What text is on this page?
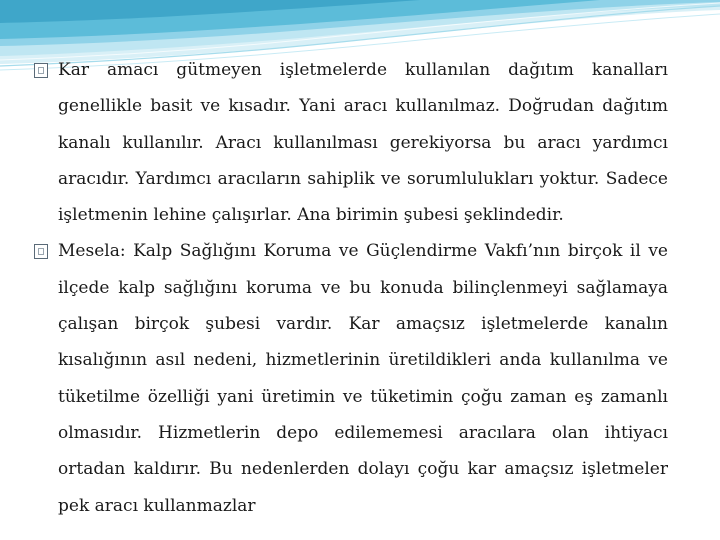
Kar amacı gütmeyen işletmelerde kullanılan dağıtım kanalları genellikle basit ve kısadır. Yani aracı kullanılmaz. Doğrudan dağıtım kanalı kullanılır. Aracı kullanılması gerekiyorsa bu aracı yardımcı aracıdır. Yardımcı aracıların sahiplik ve sorumlulukları yoktur. Sadece işletmenin lehine çalışırlar. Ana birimin şubesi şeklindedir.

Mesela: Kalp Sağlığını Koruma ve Güçlendirme Vakfı’nın birçok il ve ilçede kalp sağlığını koruma ve bu konuda bilinçlenmeyi sağlamaya çalışan birçok şubesi vardır. Kar amaçsız işletmelerde kanalın kısalığının asıl nedeni, hizmetlerinin üretildikleri anda kullanılma ve tüketilme özelliği yani üretimin ve tüketimin çoğu zaman eş zamanlı olmasıdır. Hizmetlerin depo edilememesi aracılara olan ihtiyacı ortadan kaldırır. Bu nedenlerden dolayı çoğu kar amaçsız işletmeler pek aracı kullanmazlar
